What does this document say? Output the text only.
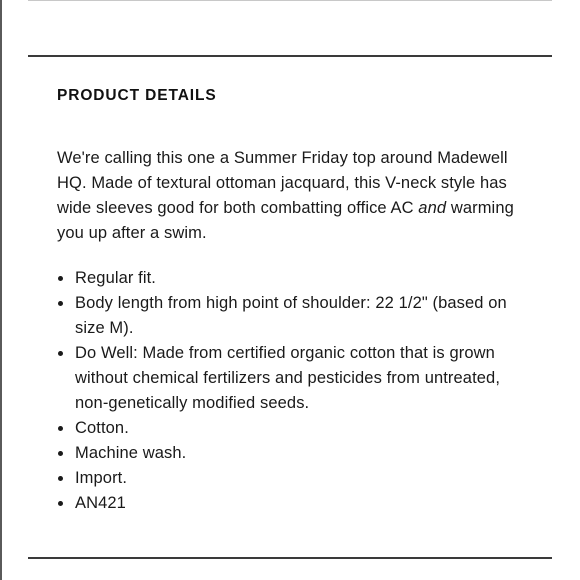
PRODUCT DETAILS

We're calling this one a Summer Friday top around Madewell HQ. Made of textural ottoman jacquard, this V-neck style has wide sleeves good for both combatting office AC and warming you up after a swim.

Regular fit.
Body length from high point of shoulder: 22 1/2" (based on size M).
Do Well: Made from certified organic cotton that is grown without chemical fertilizers and pesticides from untreated, non-genetically modified seeds.
Cotton.
Machine wash.
Import.
AN421
